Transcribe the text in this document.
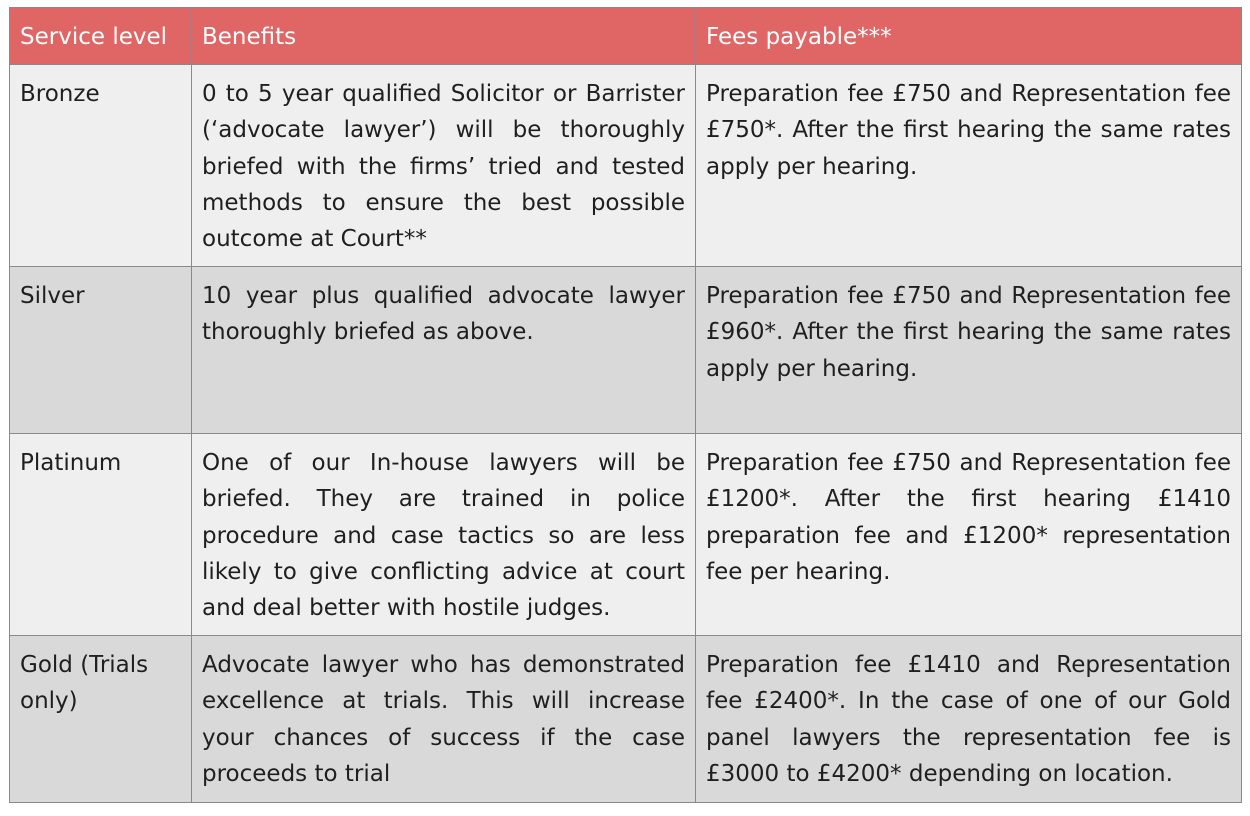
Service level	Benefits	Fees payable***
Bronze	0 to 5 year qualified Solicitor or Barrister (‘advocate lawyer’) will be thoroughly briefed with the firms’ tried and tested methods to ensure the best possible outcome at Court**	Preparation fee £750 and Representation fee £750*. After the first hearing the same rates apply per hearing.
Silver	10 year plus qualified advocate lawyer thoroughly briefed as above.	Preparation fee £750 and Representation fee £960*. After the first hearing the same rates apply per hearing.
Platinum	One of our In-house lawyers will be briefed. They are trained in police procedure and case tactics so are less likely to give conflicting advice at court and deal better with hostile judges.	Preparation fee £750 and Representation fee £1200*. After the first hearing £1410 preparation fee and £1200* representation fee per hearing.
Gold (Trials only)	Advocate lawyer who has demonstrated excellence at trials. This will increase your chances of success if the case proceeds to trial	Preparation fee £1410 and Representation fee £2400*. In the case of one of our Gold panel lawyers the representation fee is £3000 to £4200* depending on location.
